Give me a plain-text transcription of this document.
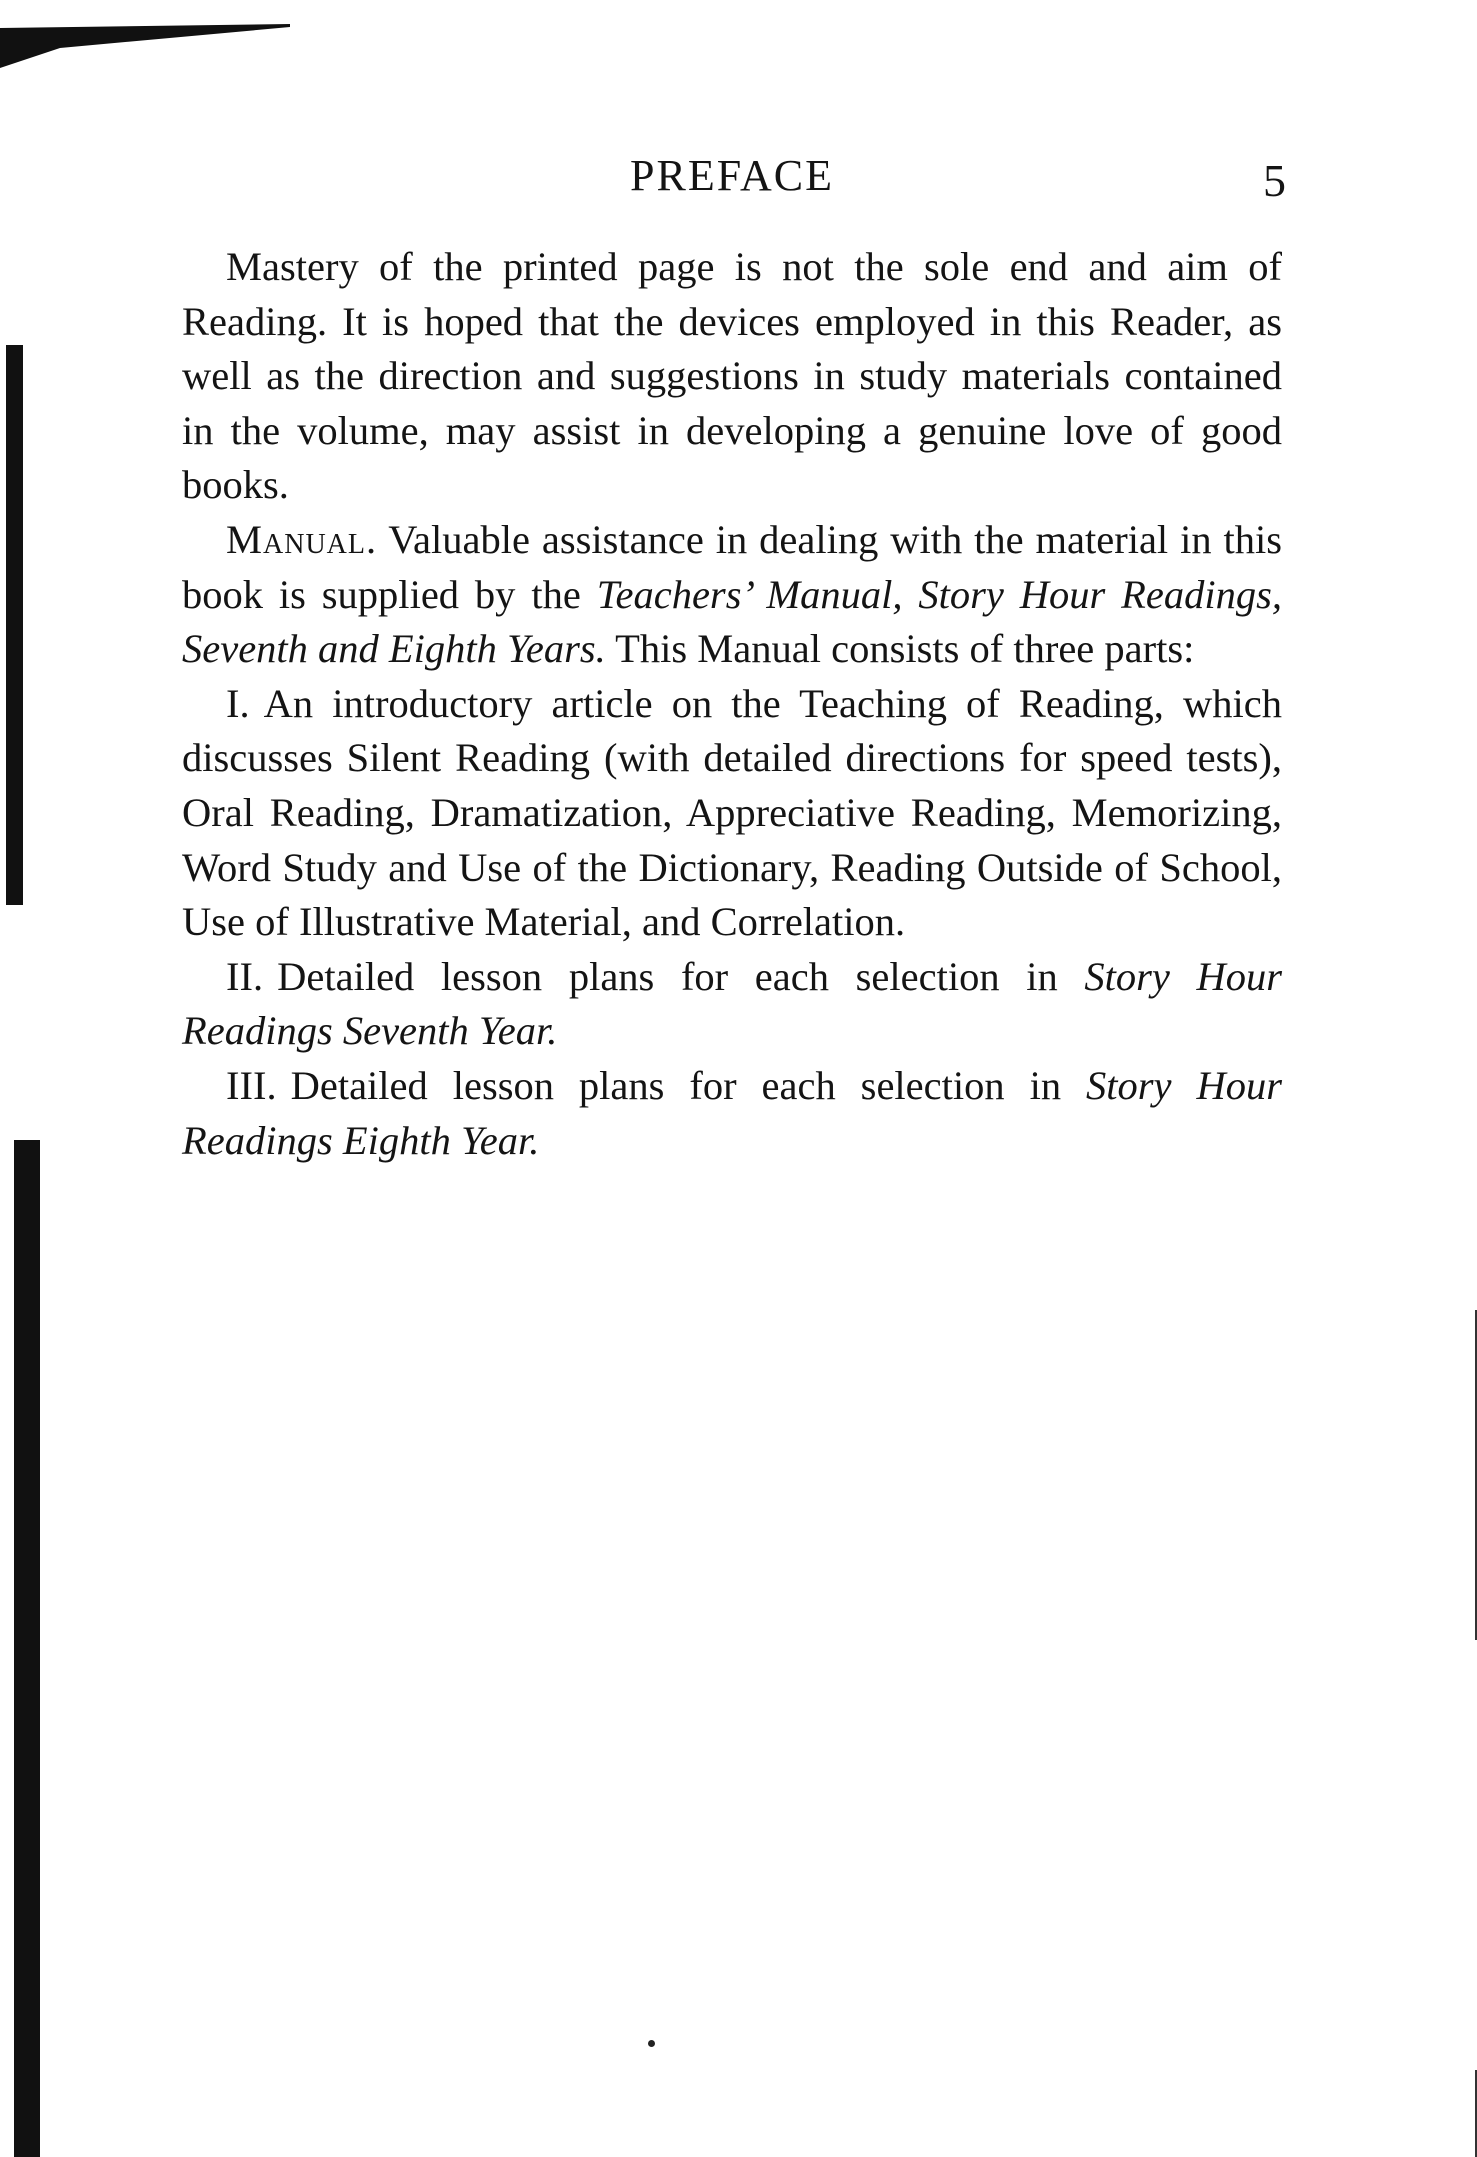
PREFACE	5

Mastery of the printed page is not the sole end and aim of Reading. It is hoped that the devices employed in this Reader, as well as the direction and suggestions in study materials contained in the volume, may assist in developing a genuine love of good books.

Manual. Valuable assistance in dealing with the material in this book is supplied by the Teachers’ Manual, Story Hour Readings, Seventh and Eighth Years. This Manual consists of three parts:

I. An introductory article on the Teaching of Reading, which discusses Silent Reading (with detailed directions for speed tests), Oral Reading, Dramatization, Appreciative Reading, Memorizing, Word Study and Use of the Dictionary, Reading Outside of School, Use of Illustrative Material, and Correlation.

II. Detailed lesson plans for each selection in Story Hour Readings Seventh Year.

III. Detailed lesson plans for each selection in Story Hour Readings Eighth Year.
